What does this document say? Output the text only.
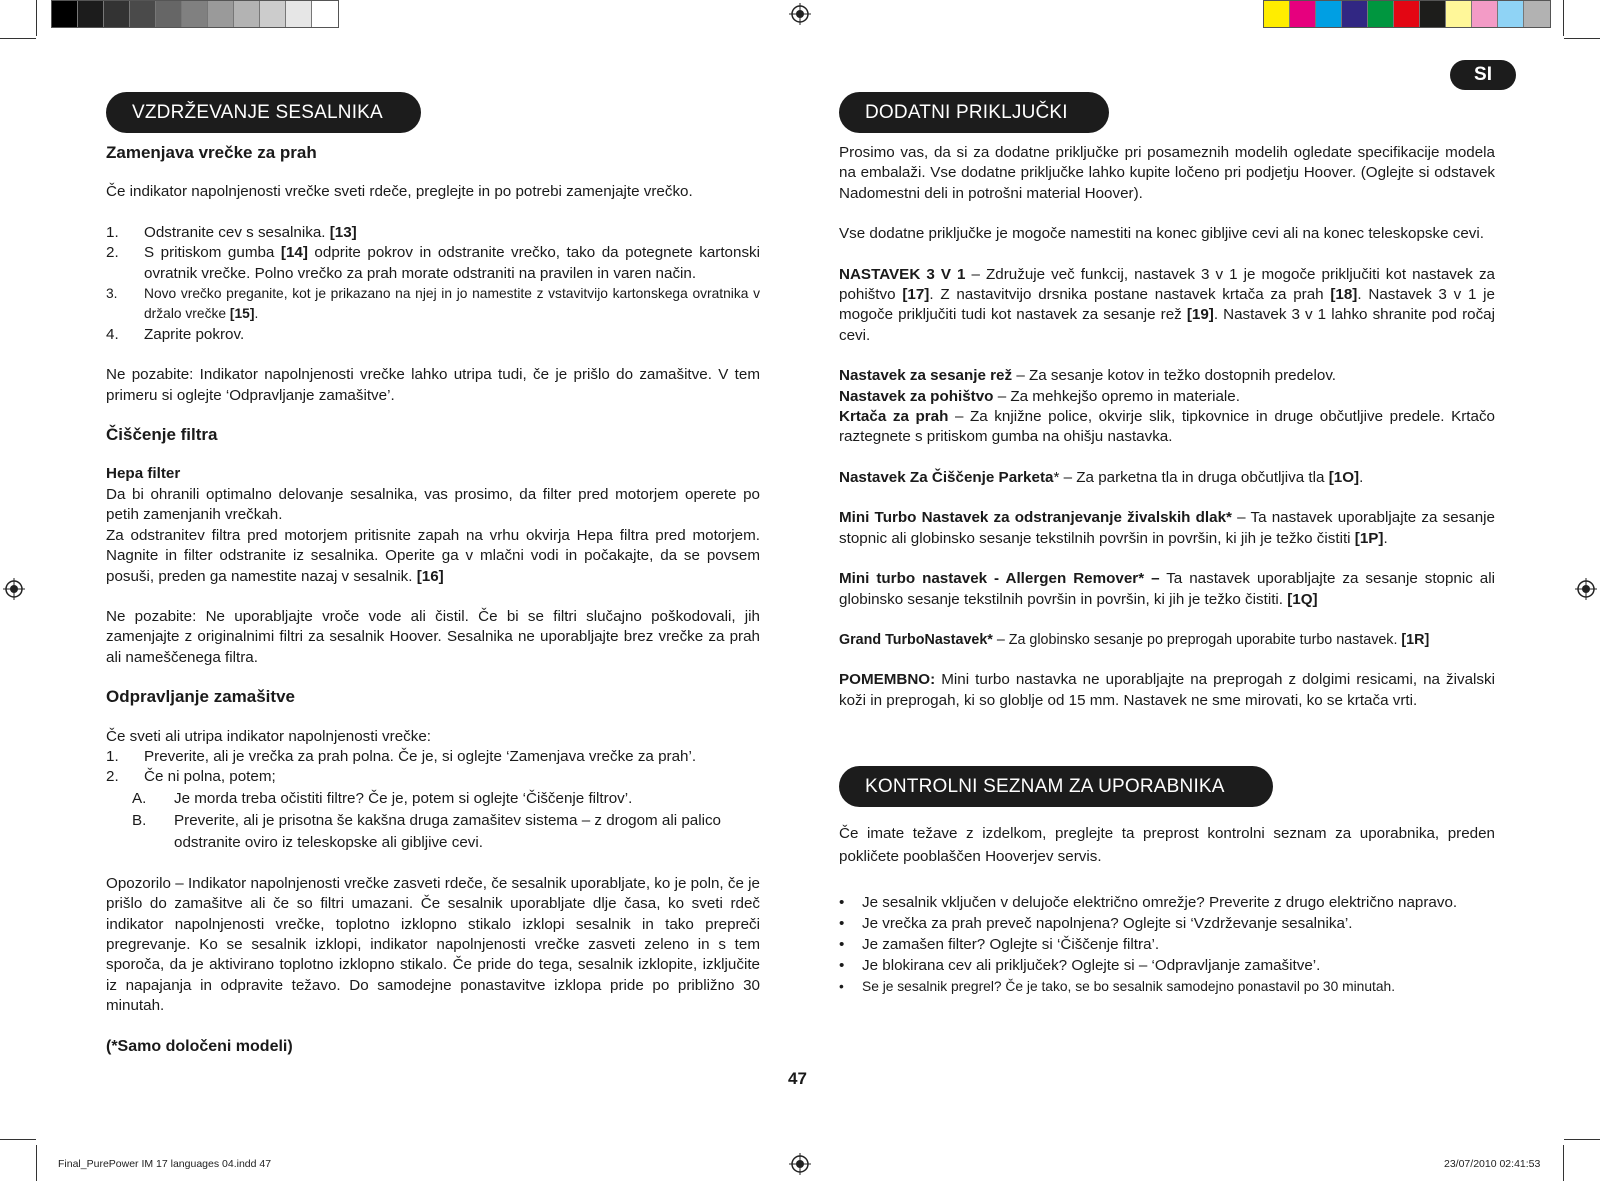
SI
VZDRŽEVANJE SESALNIKA

Zamenjava vrečke za prah

Če indikator napolnjenosti vrečke sveti rdeče, preglejte in po potrebi zamenjajte vrečko.

1.	Odstranite cev s sesalnika. [13]
2.	S pritiskom gumba [14] odprite pokrov in odstranite vrečko, tako da potegnete kartonski ovratnik vrečke. Polno vrečko za prah morate odstraniti na pravilen in varen način.
3.	Novo vrečko preganite, kot je prikazano na njej in jo namestite z vstavitvijo kartonskega ovratnika v držalo vrečke [15].
4.	Zaprite pokrov.

Ne pozabite: Indikator napolnjenosti vrečke lahko utripa tudi, če je prišlo do zamašitve. V tem primeru si oglejte ‘Odpravljanje zamašitve’.

Čiščenje filtra

Hepa filter

Da bi ohranili optimalno delovanje sesalnika, vas prosimo, da filter pred motorjem operete po petih zamenjanih vrečkah.

Za odstranitev filtra pred motorjem pritisnite zapah na vrhu okvirja Hepa filtra pred motorjem. Nagnite in filter odstranite iz sesalnika. Operite ga v mlačni vodi in počakajte, da se povsem posuši, preden ga namestite nazaj v sesalnik. [16]

Ne pozabite: Ne uporabljajte vroče vode ali čistil. Če bi se filtri slučajno poškodovali, jih zamenjajte z originalnimi filtri za sesalnik Hoover. Sesalnika ne uporabljajte brez vrečke za prah ali nameščenega filtra.

Odpravljanje zamašitve

Če sveti ali utripa indikator napolnjenosti vrečke:

1.	Preverite, ali je vrečka za prah polna. Če je, si oglejte ‘Zamenjava vrečke za prah’.
2.	Če ni polna, potem;
A.	Je morda treba očistiti filtre? Če je, potem si oglejte ‘Čiščenje filtrov’.
B.	Preverite, ali je prisotna še kakšna druga zamašitev sistema – z drogom ali palico odstranite oviro iz teleskopske ali gibljive cevi.

Opozorilo – Indikator napolnjenosti vrečke zasveti rdeče, če sesalnik uporabljate, ko je poln, če je prišlo do zamašitve ali če so filtri umazani. Če sesalnik uporabljate dlje časa, ko sveti rdeč indikator napolnjenosti vrečke, toplotno izklopno stikalo izklopi sesalnik in tako prepreči pregrevanje. Ko se sesalnik izklopi, indikator napolnjenosti vrečke zasveti zeleno in s tem sporoča, da je aktivirano toplotno izklopno stikalo. Če pride do tega, sesalnik izklopite, izključite iz napajanja in odpravite težavo. Do samodejne ponastavitve izklopa pride po približno 30 minutah.

(*Samo določeni modeli)

47
DODATNI PRIKLJUČKI

Prosimo vas, da si za dodatne priključke pri posameznih modelih ogledate specifikacije modela na embalaži. Vse dodatne priključke lahko kupite ločeno pri podjetju Hoover. (Oglejte si odstavek Nadomestni deli in potrošni material Hoover).

Vse dodatne priključke je mogoče namestiti na konec gibljive cevi ali na konec teleskopske cevi.

NASTAVEK 3 V 1 – Združuje več funkcij, nastavek 3 v 1 je mogoče priključiti kot nastavek za pohištvo [17]. Z nastavitvijo drsnika postane nastavek krtača za prah [18]. Nastavek 3 v 1 je mogoče priključiti tudi kot nastavek za sesanje rež [19]. Nastavek 3 v 1 lahko shranite pod ročaj cevi.

Nastavek za sesanje rež – Za sesanje kotov in težko dostopnih predelov.

Nastavek za pohištvo – Za mehkejšo opremo in materiale.

Krtača za prah – Za knjižne police, okvirje slik, tipkovnice in druge občutljive predele. Krtačo raztegnete s pritiskom gumba na ohišju nastavka.

Nastavek Za Čiščenje Parketa* – Za parketna tla in druga občutljiva tla [1O].

Mini Turbo Nastavek za odstranjevanje živalskih dlak* – Ta nastavek uporabljajte za sesanje stopnic ali globinsko sesanje tekstilnih površin in površin, ki jih je težko čistiti [1P].

Mini turbo nastavek - Allergen Remover* – Ta nastavek uporabljajte za sesanje stopnic ali globinsko sesanje tekstilnih površin in površin, ki jih je težko čistiti. [1Q]

Grand TurboNastavek* – Za globinsko sesanje po preprogah uporabite turbo nastavek. [1R]

POMEMBNO: Mini turbo nastavka ne uporabljajte na preprogah z dolgimi resicami, na živalski koži in preprogah, ki so globlje od 15 mm. Nastavek ne sme mirovati, ko se krtača vrti.

KONTROLNI SEZNAM ZA UPORABNIKA

Če imate težave z izdelkom, preglejte ta preprost kontrolni seznam za uporabnika, preden pokličete pooblaščen Hooverjev servis.

•	Je sesalnik vključen v delujoče električno omrežje? Preverite z drugo električno napravo.
•	Je vrečka za prah preveč napolnjena? Oglejte si ‘Vzdrževanje sesalnika’.
•	Je zamašen filter? Oglejte si ‘Čiščenje filtra’.
•	Je blokirana cev ali priključek? Oglejte si – ‘Odpravljanje zamašitve’.
•	Se je sesalnik pregrel? Če je tako, se bo sesalnik samodejno ponastavil po 30 minutah.
Final_PurePower IM 17 languages 04.indd 47	23/07/2010 02:41:53
